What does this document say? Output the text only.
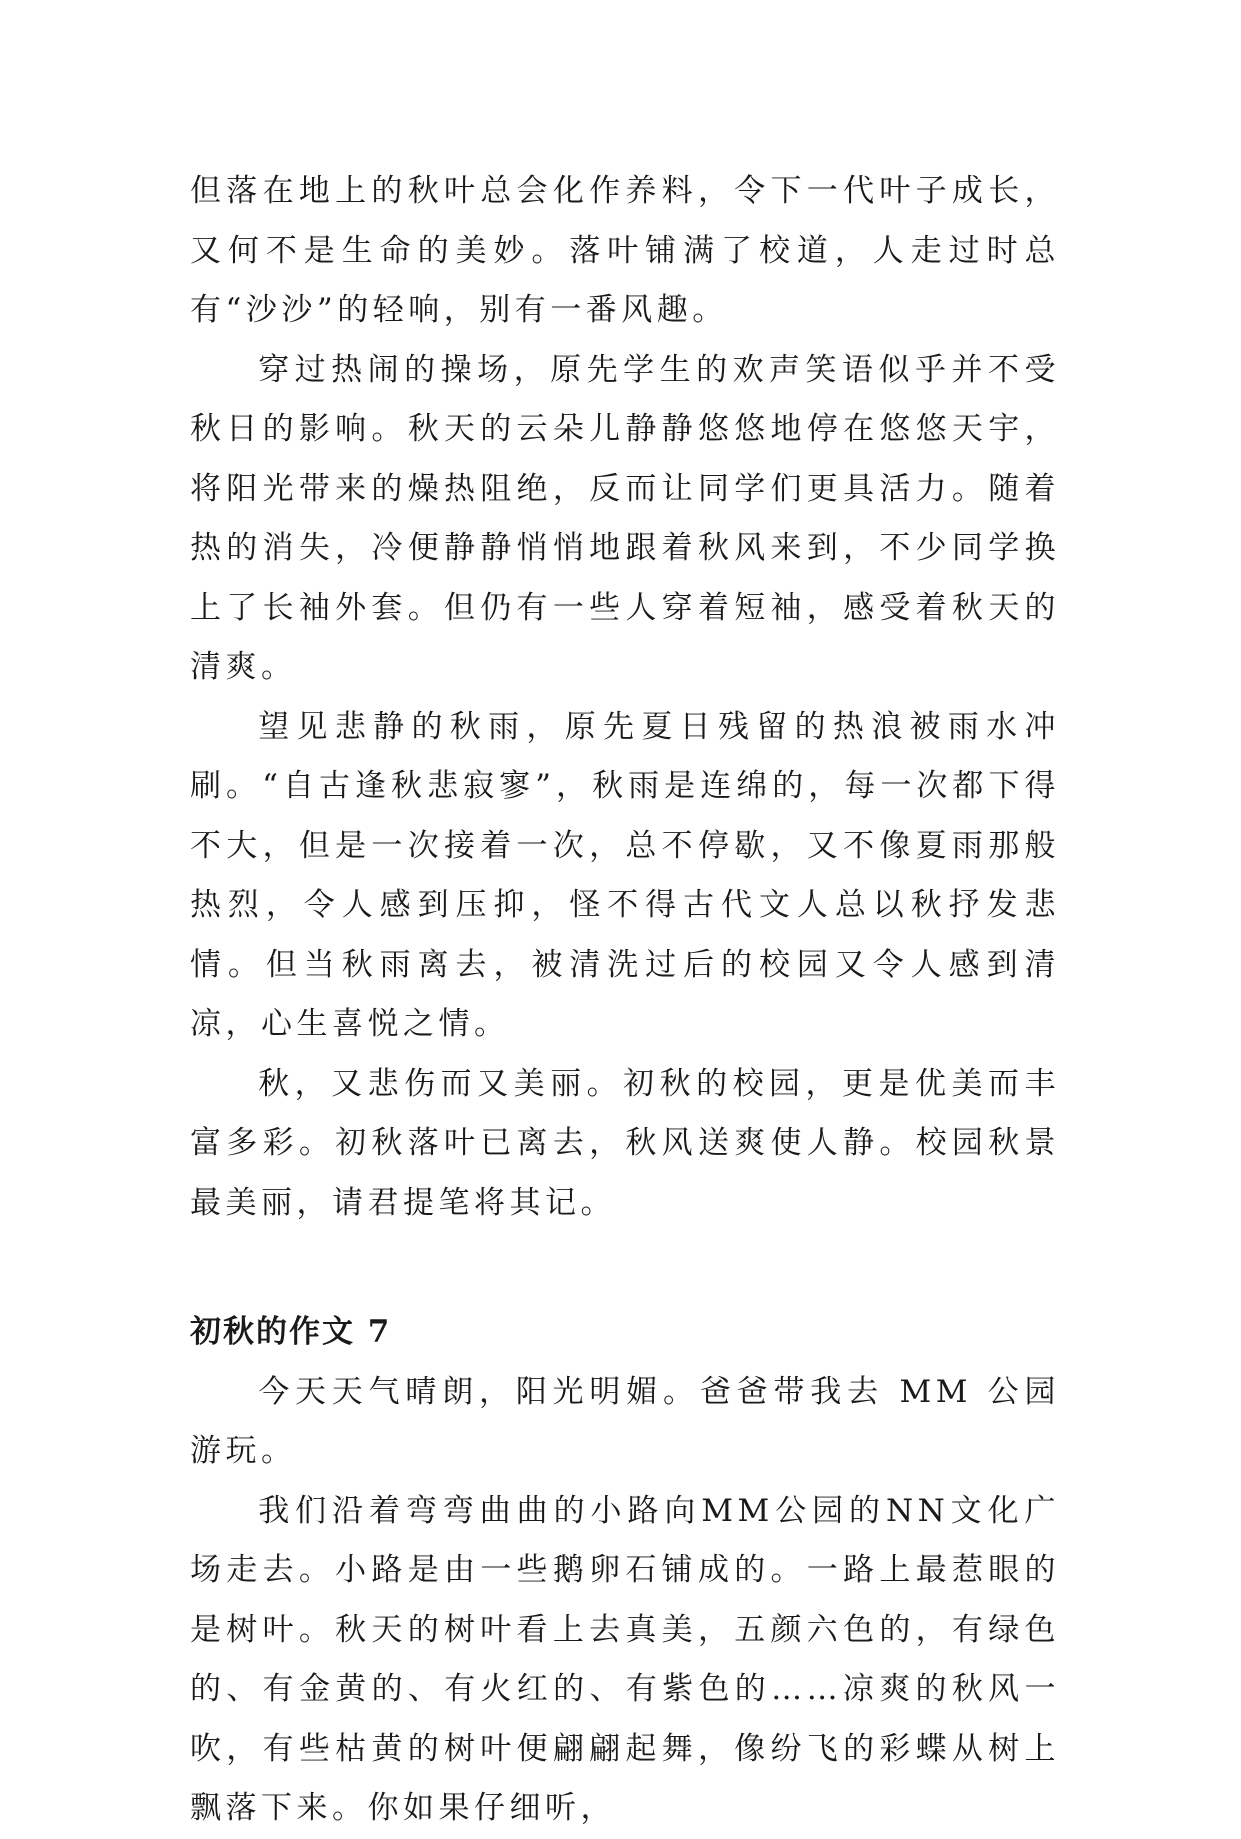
但落在地上的秋叶总会化作养料，令下一代叶子成长，又何不是生命的美妙。落叶铺满了校道，人走过时总有“沙沙”的轻响，别有一番风趣。

穿过热闹的操场，原先学生的欢声笑语似乎并不受秋日的影响。秋天的云朵儿静静悠悠地停在悠悠天宇，将阳光带来的燥热阻绝，反而让同学们更具活力。随着热的消失，冷便静静悄悄地跟着秋风来到，不少同学换上了长袖外套。但仍有一些人穿着短袖，感受着秋天的清爽。

望见悲静的秋雨，原先夏日残留的热浪被雨水冲刷。“自古逢秋悲寂寥”，秋雨是连绵的，每一次都下得不大，但是一次接着一次，总不停歇，又不像夏雨那般热烈，令人感到压抑，怪不得古代文人总以秋抒发悲情。但当秋雨离去，被清洗过后的校园又令人感到清凉，心生喜悦之情。

秋，又悲伤而又美丽。初秋的校园，更是优美而丰富多彩。初秋落叶已离去，秋风送爽使人静。校园秋景最美丽，请君提笔将其记。

初秋的作文 7

今天天气晴朗，阳光明媚。爸爸带我去 MM 公园游玩。

我们沿着弯弯曲曲的小路向MM公园的NN文化广场走去。小路是由一些鹅卵石铺成的。一路上最惹眼的是树叶。秋天的树叶看上去真美，五颜六色的，有绿色的、有金黄的、有火红的、有紫色的……凉爽的秋风一吹，有些枯黄的树叶便翩翩起舞，像纷飞的彩蝶从树上飘落下来。你如果仔细听，
